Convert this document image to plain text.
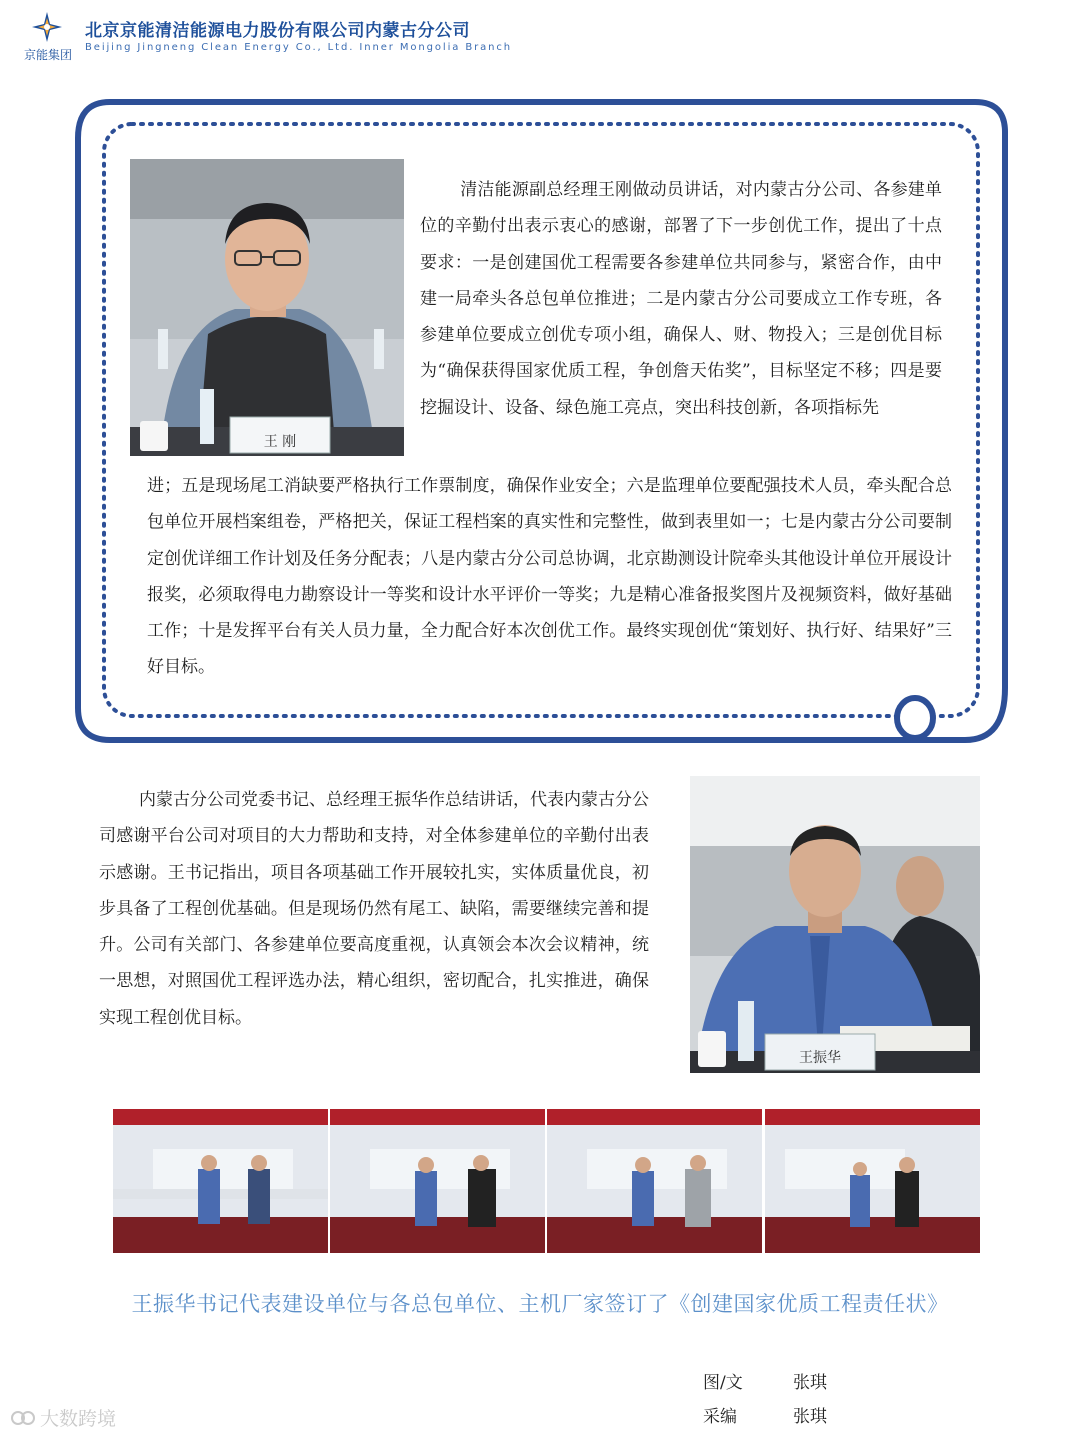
京能集团
北京京能清洁能源电力股份有限公司内蒙古分公司
Beijing Jingneng Clean Energy Co., Ltd. Inner Mongolia Branch
王 刚
清洁能源副总经理王刚做动员讲话，对内蒙古分公司、各参建单位的辛勤付出表示衷心的感谢，部署了下一步创优工作，提出了十点要求：一是创建国优工程需要各参建单位共同参与，紧密合作，由中建一局牵头各总包单位推进；二是内蒙古分公司要成立工作专班，各参建单位要成立创优专项小组，确保人、财、物投入；三是创优目标为“确保获得国家优质工程，争创詹天佑奖”，目标坚定不移；四是要挖掘设计、设备、绿色施工亮点，突出科技创新，各项指标先
进；五是现场尾工消缺要严格执行工作票制度，确保作业安全；六是监理单位要配强技术人员，牵头配合总包单位开展档案组卷，严格把关，保证工程档案的真实性和完整性，做到表里如一；七是内蒙古分公司要制定创优详细工作计划及任务分配表；八是内蒙古分公司总协调，北京勘测设计院牵头其他设计单位开展设计报奖，必须取得电力勘察设计一等奖和设计水平评价一等奖；九是精心准备报奖图片及视频资料，做好基础工作；十是发挥平台有关人员力量，全力配合好本次创优工作。最终实现创优“策划好、执行好、结果好”三好目标。
内蒙古分公司党委书记、总经理王振华作总结讲话，代表内蒙古分公司感谢平台公司对项目的大力帮助和支持，对全体参建单位的辛勤付出表示感谢。王书记指出，项目各项基础工作开展较扎实，实体质量优良，初步具备了工程创优基础。但是现场仍然有尾工、缺陷，需要继续完善和提升。公司有关部门、各参建单位要高度重视，认真领会本次会议精神，统一思想，对照国优工程评选办法，精心组织，密切配合，扎实推进，确保实现工程创优目标。
王振华
王振华书记代表建设单位与各总包单位、主机厂家签订了《创建国家优质工程责任状》
图/文	张琪
采编	张琪
大数跨境
